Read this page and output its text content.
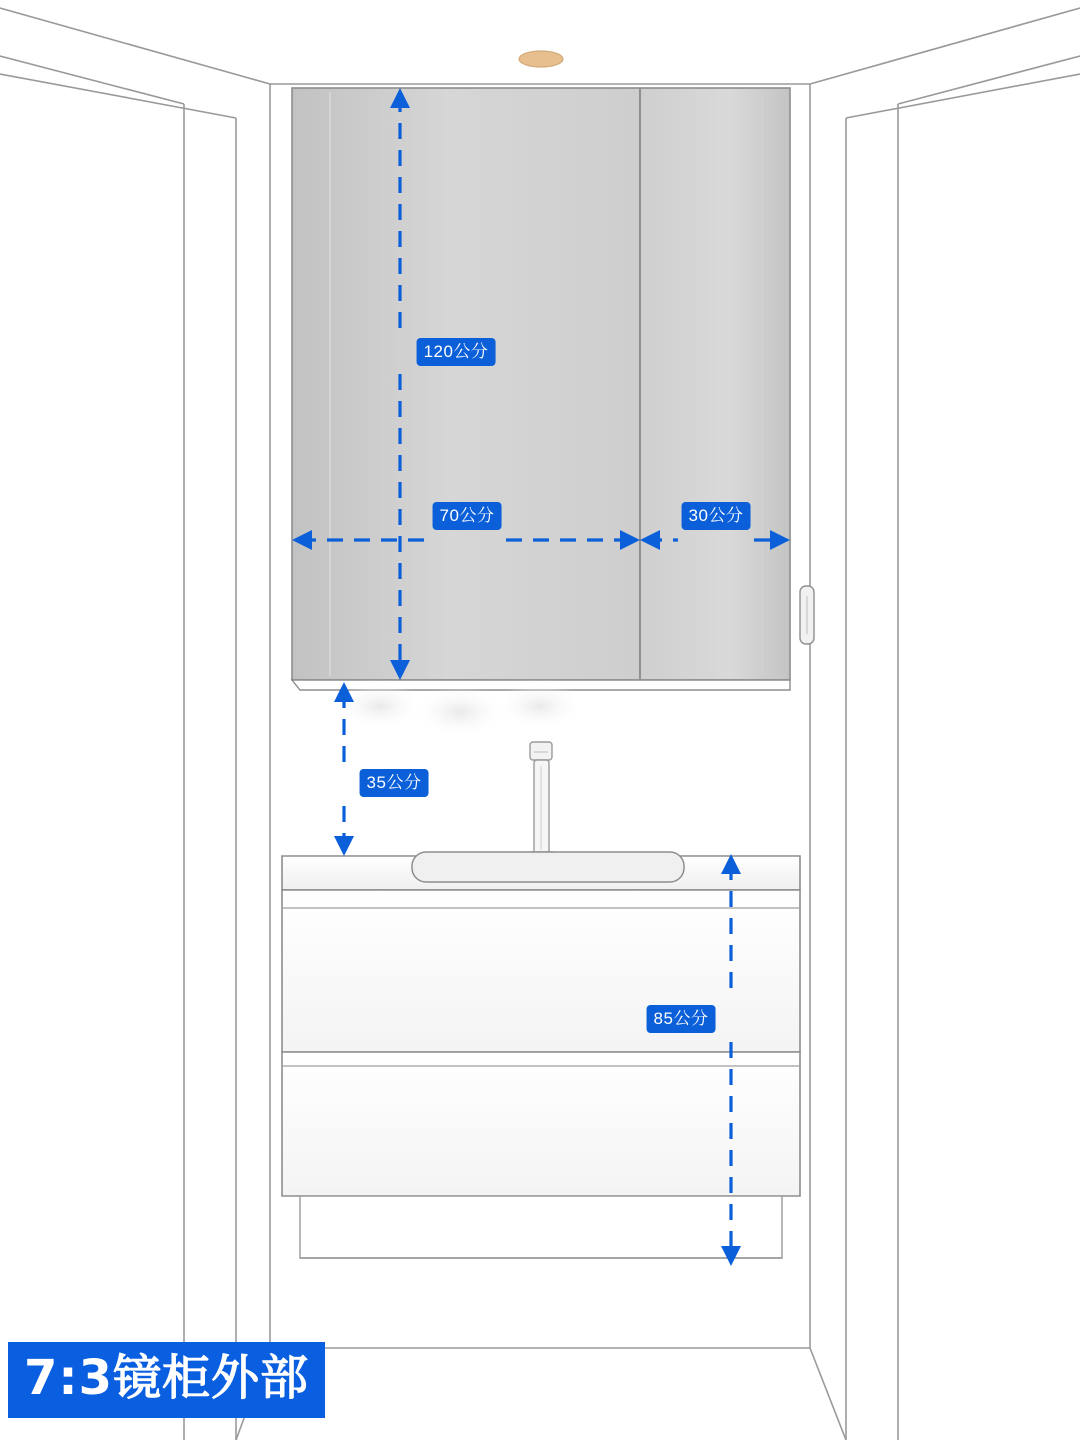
120公分
70公分	30公分
35公分
85公分
7:3镜柜外部
